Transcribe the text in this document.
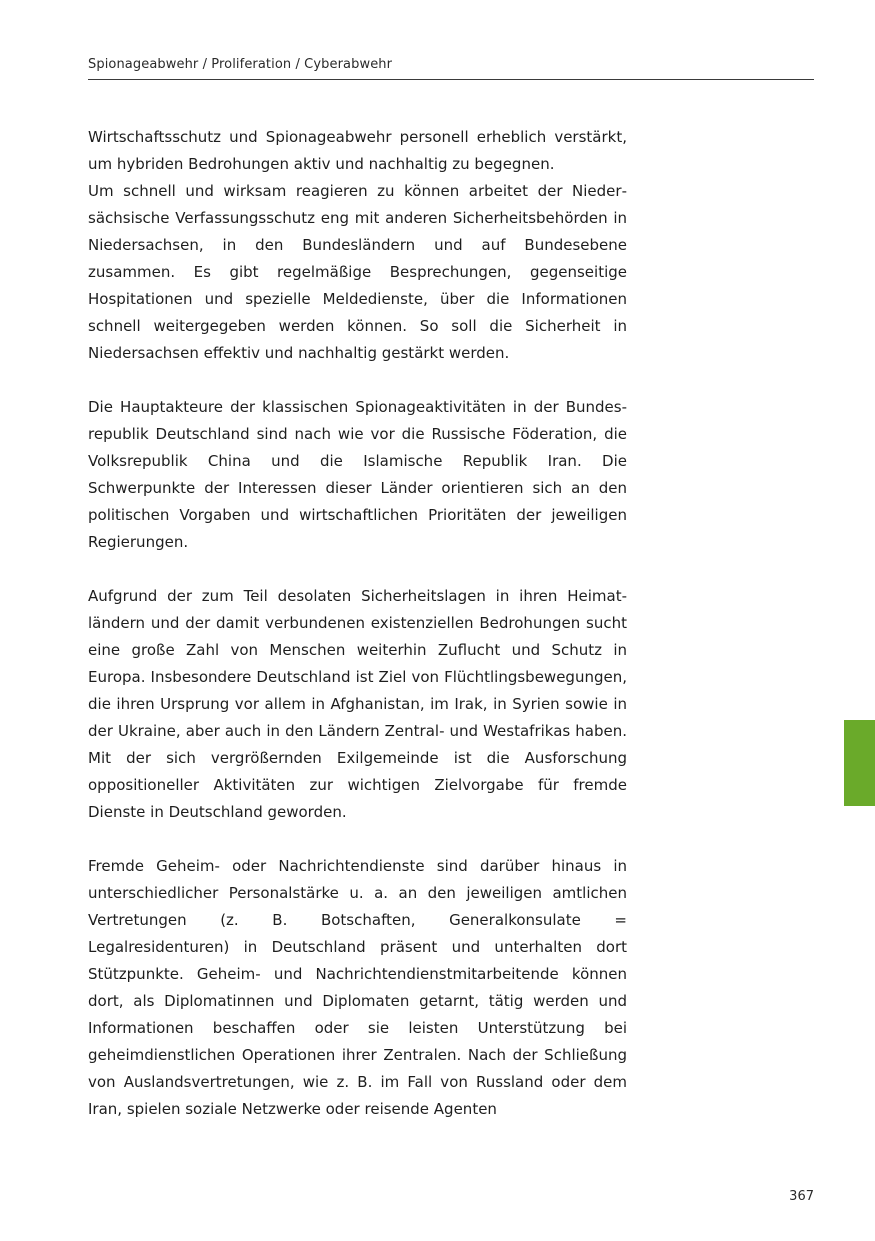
Spionageabwehr / Proliferation / Cyberabwehr

Wirtschaftsschutz und Spionageabwehr personell erheblich verstärkt, um hybriden Bedrohungen aktiv und nachhaltig zu begegnen.

Um schnell und wirksam reagieren zu können arbeitet der Niedersächsische Verfassungsschutz eng mit anderen Sicherheitsbehörden in Niedersachsen, in den Bundesländern und auf Bundesebene zusammen. Es gibt regelmäßige Besprechungen, gegenseitige Hospitationen und spezielle Meldedienste, über die Informationen schnell weitergegeben werden können. So soll die Sicherheit in Niedersachsen effektiv und nachhaltig gestärkt werden.

Die Hauptakteure der klassischen Spionageaktivitäten in der Bundesrepublik Deutschland sind nach wie vor die Russische Föderation, die Volksrepublik China und die Islamische Republik Iran. Die Schwerpunkte der Interessen dieser Länder orientieren sich an den politischen Vorgaben und wirtschaftlichen Prioritäten der jeweiligen Regierungen.

Aufgrund der zum Teil desolaten Sicherheitslagen in ihren Heimatländern und der damit verbundenen existenziellen Bedrohungen sucht eine große Zahl von Menschen weiterhin Zuflucht und Schutz in Europa. Insbesondere Deutschland ist Ziel von Flüchtlingsbewegungen, die ihren Ursprung vor allem in Afghanistan, im Irak, in Syrien sowie in der Ukraine, aber auch in den Ländern Zentral- und Westafrikas haben. Mit der sich vergrößernden Exilgemeinde ist die Ausforschung oppositioneller Aktivitäten zur wichtigen Zielvorgabe für fremde Dienste in Deutschland geworden.

Fremde Geheim- oder Nachrichtendienste sind darüber hinaus in unterschiedlicher Personalstärke u. a. an den jeweiligen amtlichen Vertretungen (z. B. Botschaften, Generalkonsulate = Legalresidenturen) in Deutschland präsent und unterhalten dort Stützpunkte. Geheim- und Nachrichtendienstmitarbeitende können dort, als Diplomatinnen und Diplomaten getarnt, tätig werden und Informationen beschaffen oder sie leisten Unterstützung bei geheimdienstlichen Operationen ihrer Zentralen. Nach der Schließung von Auslandsvertretungen, wie z. B. im Fall von Russland oder dem Iran, spielen soziale Netzwerke oder reisende Agenten

367
